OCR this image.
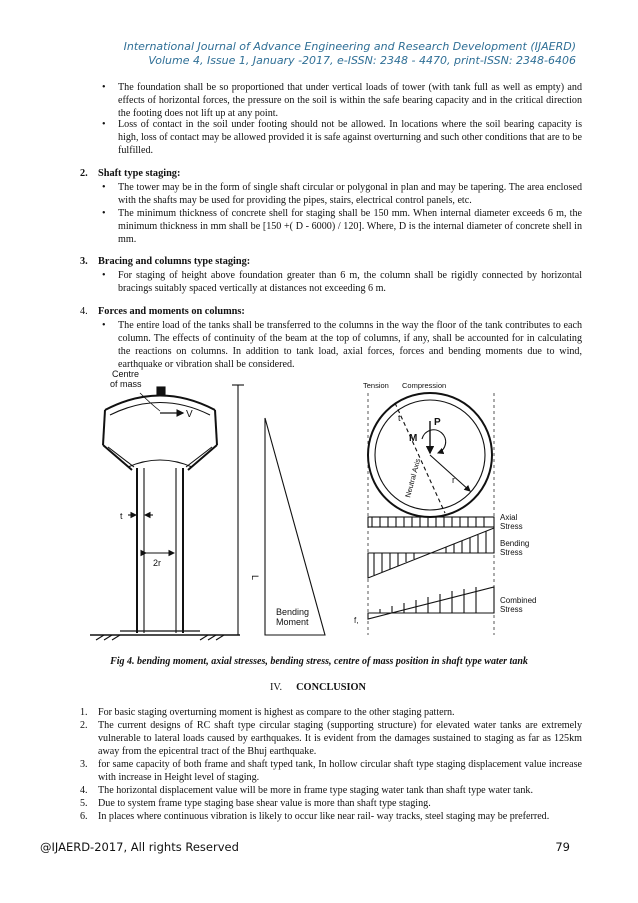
International Journal of Advance Engineering and Research Development (IJAERD)
Volume 4, Issue 1, January -2017, e-ISSN: 2348 - 4470, print-ISSN: 2348-6406
• The foundation shall be so proportioned that under vertical loads of tower (with tank full as well as empty) and effects of horizontal forces, the pressure on the soil is within the safe bearing capacity and in the critical direction the footing does not lift up at any point.
• Loss of contact in the soil under footing should not be allowed. In locations where the soil bearing capacity is high, loss of contact may be allowed provided it is safe against overturning and such other conditions that are to be fulfilled.
2. Shaft type staging:
• The tower may be in the form of single shaft circular or polygonal in plan and may be tapering. The area enclosed with the shafts may be used for providing the pipes, stairs, electrical control panels, etc.
• The minimum thickness of concrete shell for staging shall be 150 mm. When internal diameter exceeds 6 m, the minimum thickness in mm shall be [150 +( D - 6000) / 120]. Where, D is the internal diameter of concrete shell in mm.
3. Bracing and columns type staging:
• For staging of height above foundation greater than 6 m, the column shall be rigidly connected by horizontal bracings suitably spaced vertically at distances not exceeding 6 m.
4. Forces and moments on columns:
• The entire load of the tanks shall be transferred to the columns in the way the floor of the tank contributes to each column. The effects of continuity of the beam at the top of columns, if any, shall be accounted for in calculating the reactions on columns. In addition to tank load, axial forces, forces and bending moments due to wind, earthquake or vibration shall be considered.
Centre
of mass
V
t
2r
L
Bending
Moment
Tension Compression
P
M
t
Neutral Axis	r
Axial
Stress
Bending
Stress
Combined
Stress
f,
Fig 4. bending moment, axial stresses, bending stress, centre of mass position in shaft type water tank
IV. CONCLUSION
1. For basic staging overturning moment is highest as compare to the other staging pattern.
2. The current designs of RC shaft type circular staging (supporting structure) for elevated water tanks are extremely vulnerable to lateral loads caused by earthquakes. It is evident from the damages sustained to staging as far as 125km away from the epicentral tract of the Bhuj earthquake.
3. for same capacity of both frame and shaft typed tank, In hollow circular shaft type staging displacement value increase with increase in Height level of staging.
4. The horizontal displacement value will be more in frame type staging water tank than shaft type water tank.
5. Due to system frame type staging base shear value is more than shaft type staging.
6. In places where continuous vibration is likely to occur like near rail- way tracks, steel staging may be preferred.
@IJAERD-2017, All rights Reserved	79
